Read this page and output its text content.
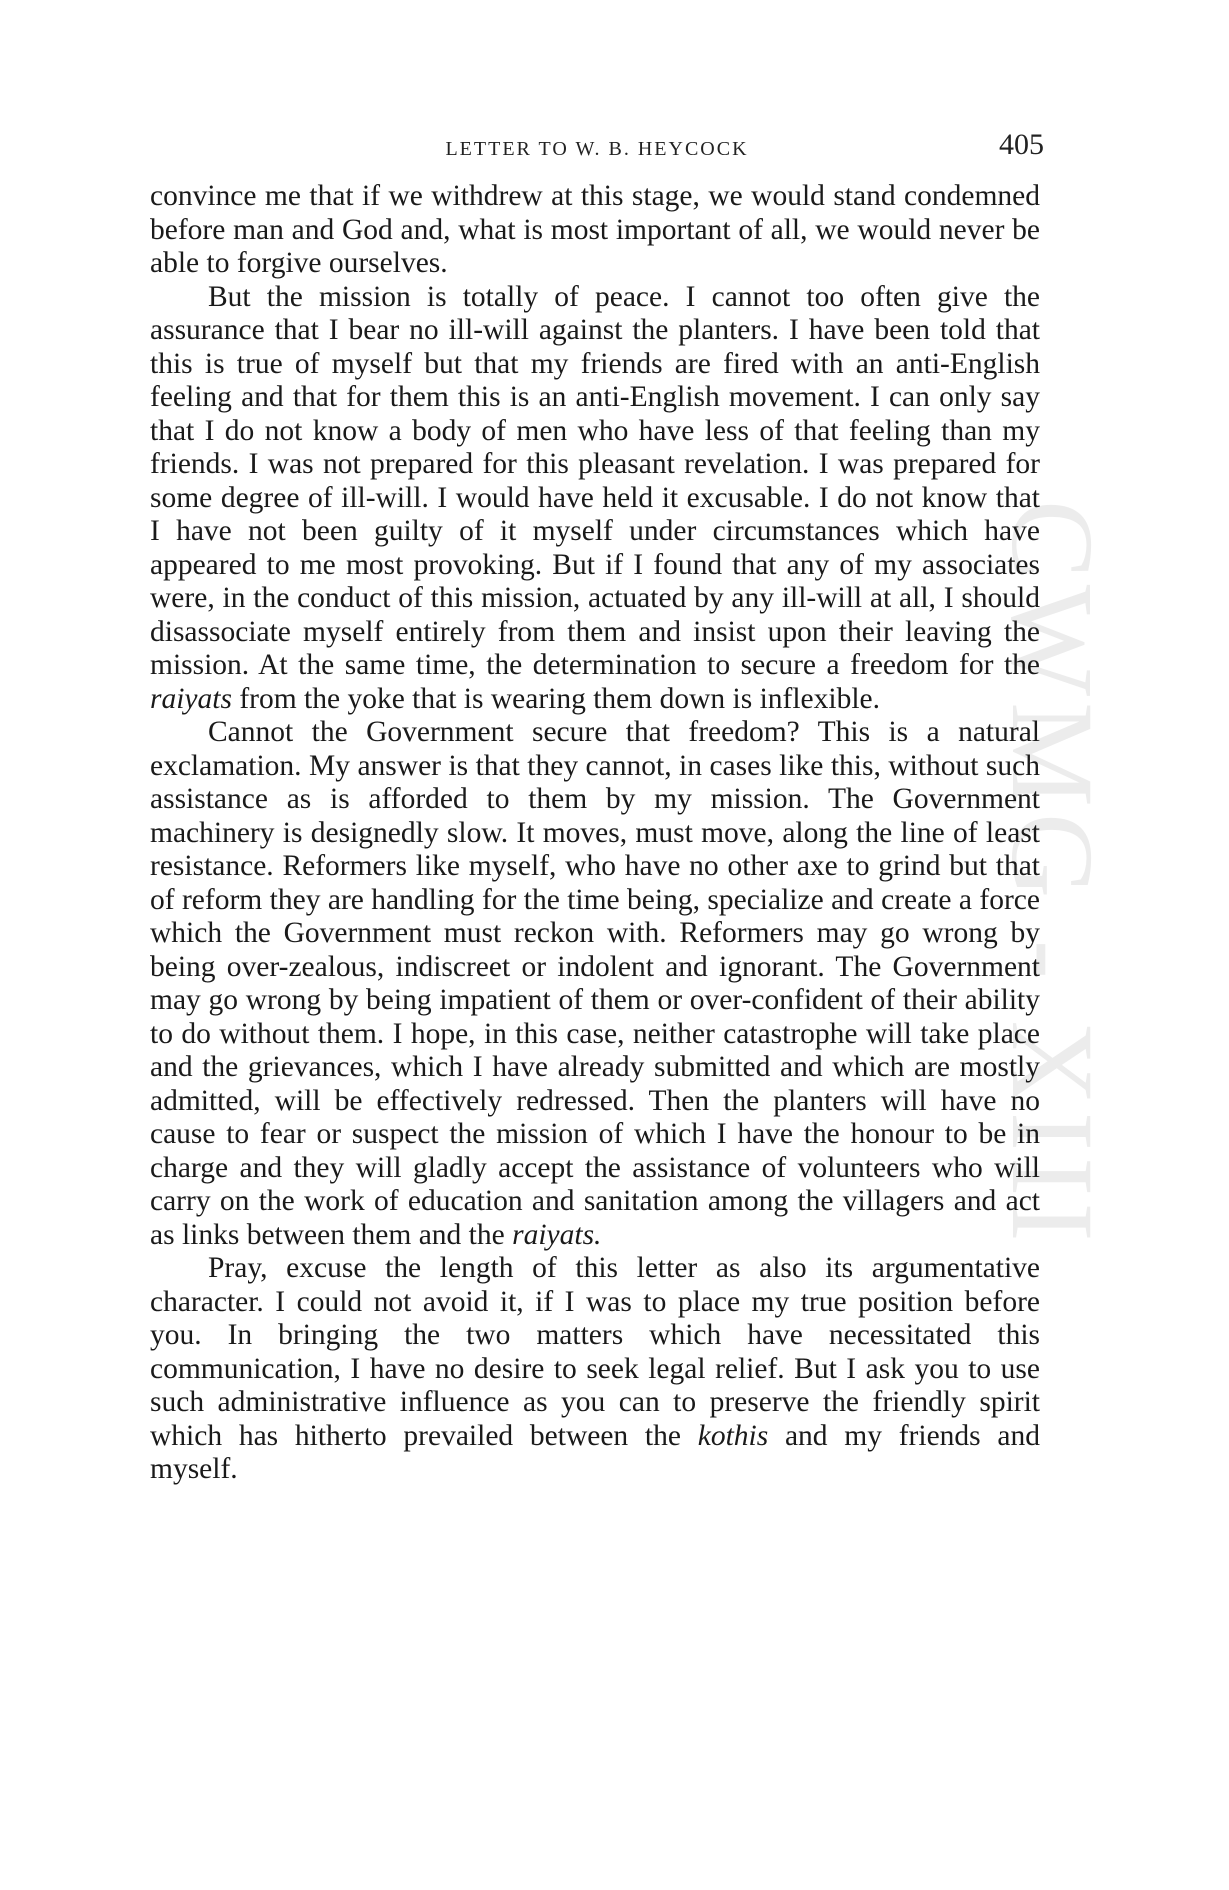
LETTER TO W. B. HEYCOCK	405
CWMG - XIII

convince me that if we withdrew at this stage, we would stand condemned before man and God and, what is most important of all, we would never be able to forgive ourselves.

But the mission is totally of peace. I cannot too often give the assurance that I bear no ill-will against the planters. I have been told that this is true of myself but that my friends are fired with an anti-English feeling and that for them this is an anti-English movement. I can only say that I do not know a body of men who have less of that feeling than my friends. I was not prepared for this pleasant revelation. I was prepared for some degree of ill-will. I would have held it excusable. I do not know that I have not been guilty of it myself under circumstances which have appeared to me most provoking. But if I found that any of my associates were, in the conduct of this mission, actuated by any ill-will at all, I should disassociate myself entirely from them and insist upon their leaving the mission. At the same time, the determination to secure a freedom for the raiyats from the yoke that is wearing them down is inflexible.

Cannot the Government secure that freedom? This is a natural exclamation. My answer is that they cannot, in cases like this, without such assistance as is afforded to them by my mission. The Government machinery is designedly slow. It moves, must move, along the line of least resistance. Reformers like myself, who have no other axe to grind but that of reform they are handling for the time being, specialize and create a force which the Government must reckon with. Reformers may go wrong by being over-zealous, indiscreet or indolent and ignorant. The Government may go wrong by being impatient of them or over-confident of their ability to do without them. I hope, in this case, neither catastrophe will take place and the grievances, which I have already submitted and which are mostly admitted, will be effectively redressed. Then the planters will have no cause to fear or suspect the mission of which I have the honour to be in charge and they will gladly accept the assistance of volunteers who will carry on the work of education and sanitation among the villagers and act as links between them and the raiyats.

Pray, excuse the length of this letter as also its argumentative character. I could not avoid it, if I was to place my true position before you. In bringing the two matters which have necessitated this communication, I have no desire to seek legal relief. But I ask you to use such administrative influence as you can to preserve the friendly spirit which has hitherto prevailed between the kothis and my friends and myself.
